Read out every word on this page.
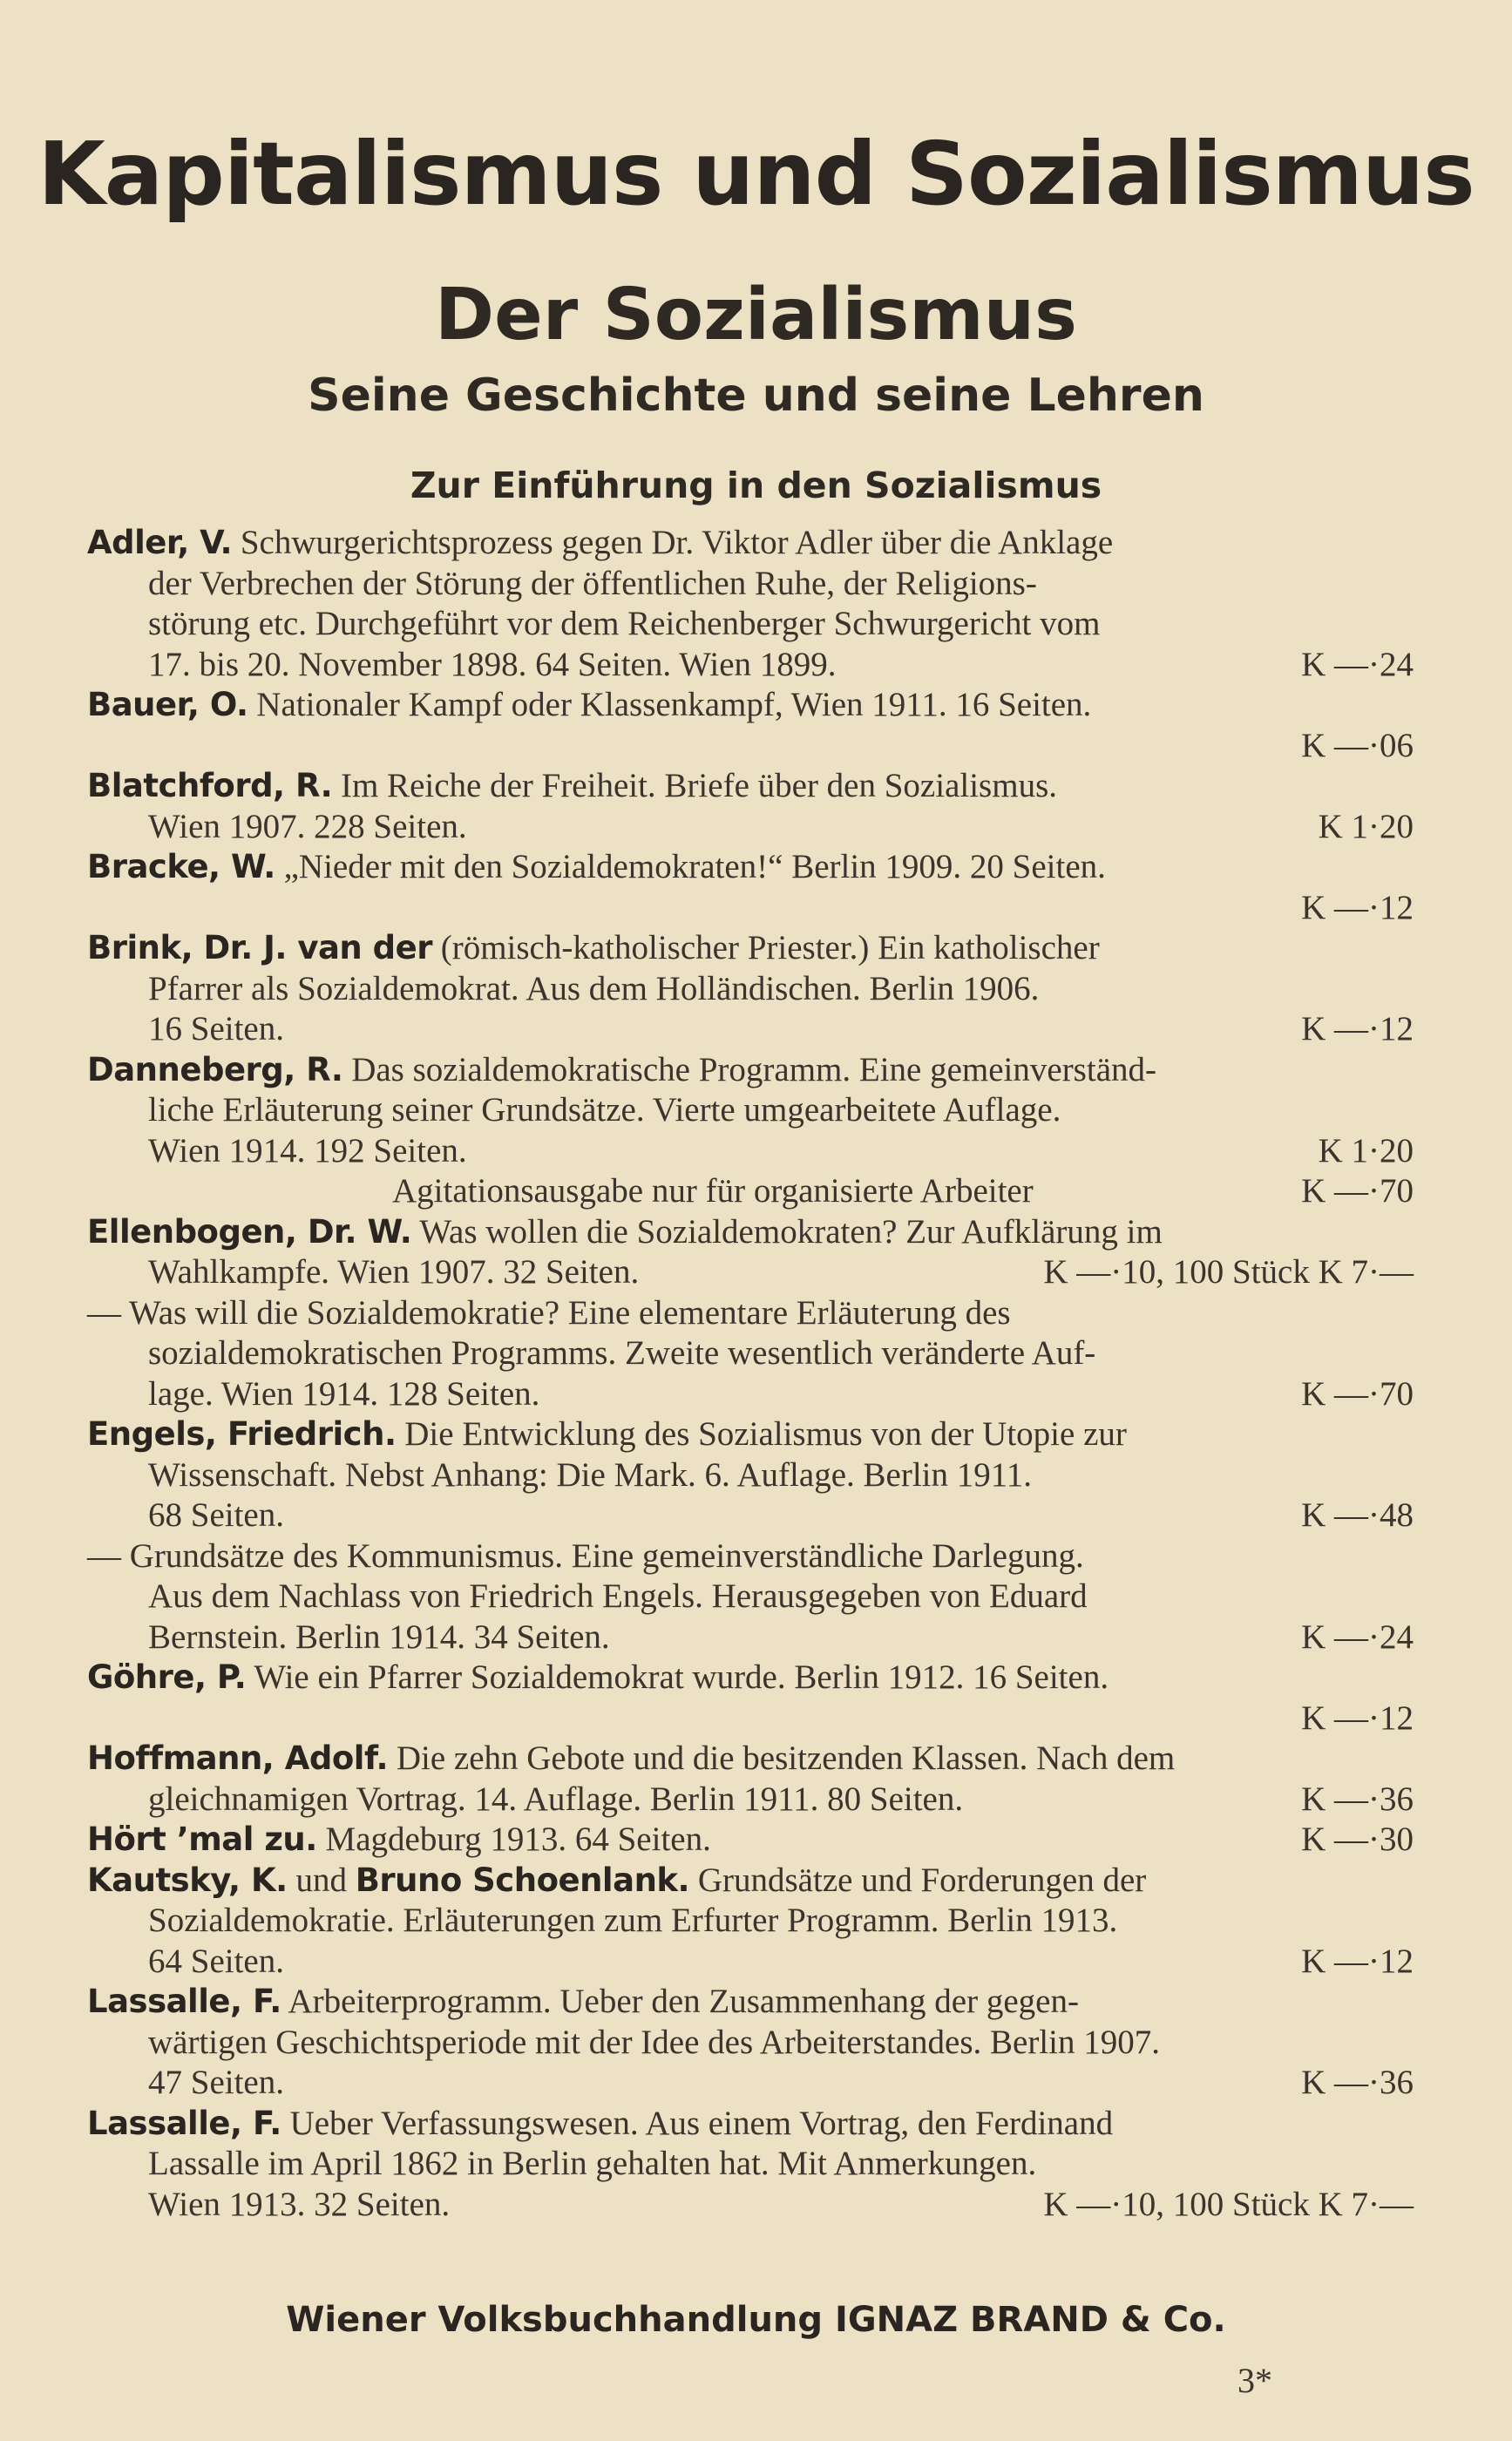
Kapitalismus und Sozialismus
Der Sozialismus
Seine Geschichte und seine Lehren
Zur Einführung in den Sozialismus
Adler, V. Schwurgerichtsprozess gegen Dr. Viktor Adler über die Anklage
der Verbrechen der Störung der öffentlichen Ruhe, der Religions-
störung etc. Durchgeführt vor dem Reichenberger Schwurgericht vom
17. bis 20. November 1898. 64 Seiten. Wien 1899.	K —·24
Bauer, O. Nationaler Kampf oder Klassenkampf, Wien 1911. 16 Seiten.
K —·06
Blatchford, R. Im Reiche der Freiheit. Briefe über den Sozialismus.
Wien 1907. 228 Seiten.	K 1·20
Bracke, W. „Nieder mit den Sozialdemokraten!“ Berlin 1909. 20 Seiten.
K —·12
Brink, Dr. J. van der (römisch-katholischer Priester.) Ein katholischer
Pfarrer als Sozialdemokrat. Aus dem Holländischen. Berlin 1906.
16 Seiten.	K —·12
Danneberg, R. Das sozialdemokratische Programm. Eine gemeinverständ-
liche Erläuterung seiner Grundsätze. Vierte umgearbeitete Auflage.
Wien 1914. 192 Seiten.	K 1·20
Agitationsausgabe nur für organisierte Arbeiter	K —·70
Ellenbogen, Dr. W. Was wollen die Sozialdemokraten? Zur Aufklärung im
Wahlkampfe. Wien 1907. 32 Seiten.	K —·10, 100 Stück K 7·—
— Was will die Sozialdemokratie? Eine elementare Erläuterung des
sozialdemokratischen Programms. Zweite wesentlich veränderte Auf-
lage. Wien 1914. 128 Seiten.	K —·70
Engels, Friedrich. Die Entwicklung des Sozialismus von der Utopie zur
Wissenschaft. Nebst Anhang: Die Mark. 6. Auflage. Berlin 1911.
68 Seiten.	K —·48
— Grundsätze des Kommunismus. Eine gemeinverständliche Darlegung.
Aus dem Nachlass von Friedrich Engels. Herausgegeben von Eduard
Bernstein. Berlin 1914. 34 Seiten.	K —·24
Göhre, P. Wie ein Pfarrer Sozialdemokrat wurde. Berlin 1912. 16 Seiten.
K —·12
Hoffmann, Adolf. Die zehn Gebote und die besitzenden Klassen. Nach dem
gleichnamigen Vortrag. 14. Auflage. Berlin 1911. 80 Seiten.	K —·36
Hört ’mal zu. Magdeburg 1913. 64 Seiten.	K —·30
Kautsky, K. und Bruno Schoenlank. Grundsätze und Forderungen der
Sozialdemokratie. Erläuterungen zum Erfurter Programm. Berlin 1913.
64 Seiten.	K —·12
Lassalle, F. Arbeiterprogramm. Ueber den Zusammenhang der gegen-
wärtigen Geschichtsperiode mit der Idee des Arbeiterstandes. Berlin 1907.
47 Seiten.	K —·36
Lassalle, F. Ueber Verfassungswesen. Aus einem Vortrag, den Ferdinand
Lassalle im April 1862 in Berlin gehalten hat. Mit Anmerkungen.
Wien 1913. 32 Seiten.	K —·10, 100 Stück K 7·—
Wiener Volksbuchhandlung IGNAZ BRAND & Co.
3*
